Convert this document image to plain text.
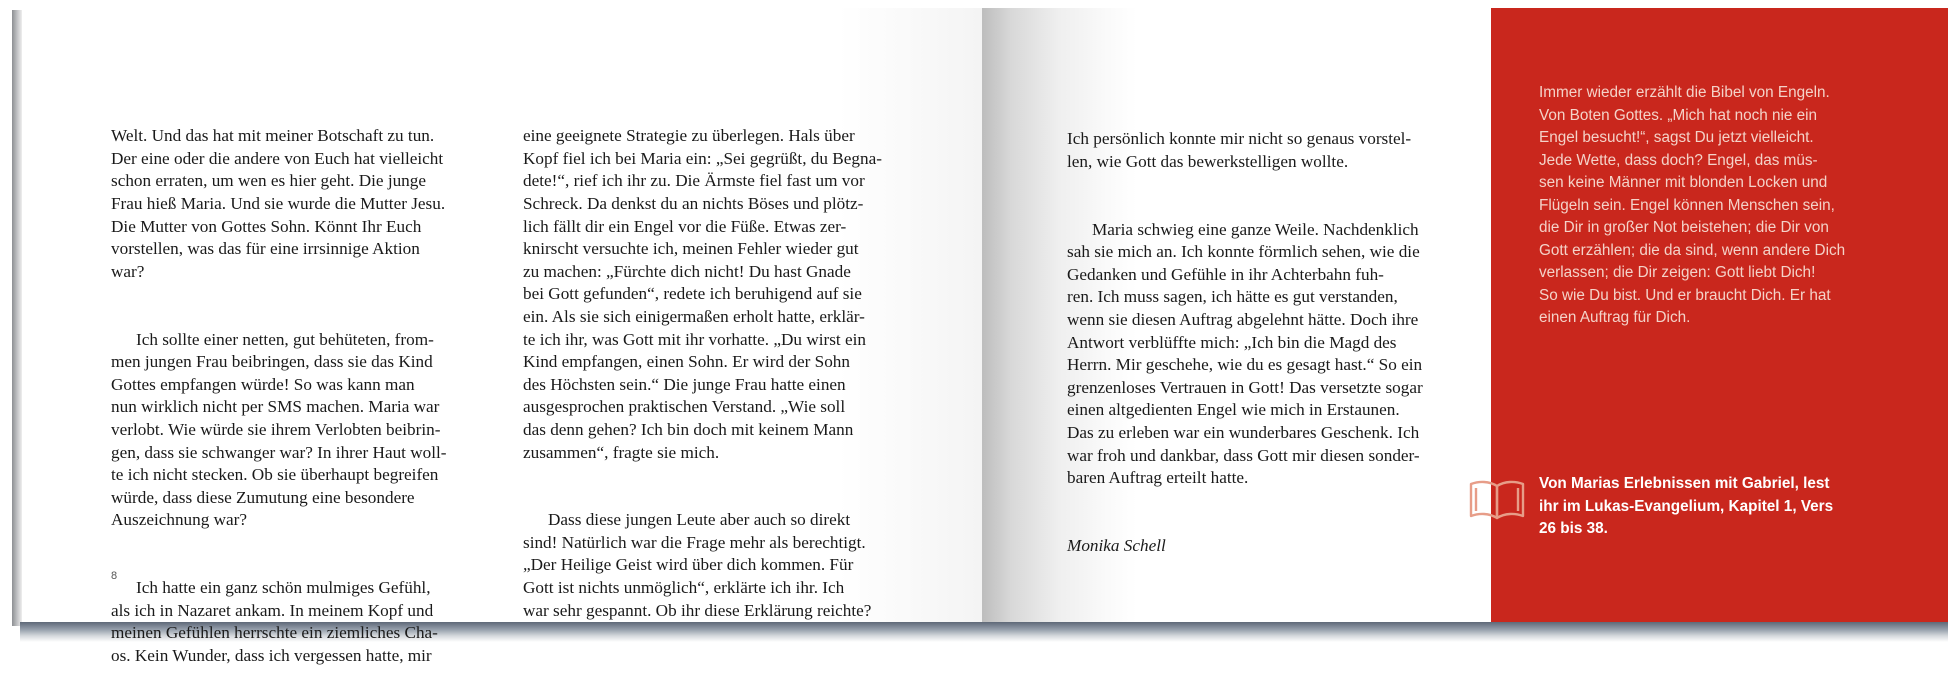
Welt. Und das hat mit meiner Botschaft zu tun.
Der eine oder die andere von Euch hat vielleicht
schon erraten, um wen es hier geht. Die junge
Frau hieß Maria. Und sie wurde die Mutter Jesu.
Die Mutter von Gottes Sohn. Könnt Ihr Euch
vorstellen, was das für eine irrsinnige Aktion
war?

Ich sollte einer netten, gut behüteten, from-
men jungen Frau beibringen, dass sie das Kind
Gottes empfangen würde! So was kann man
nun wirklich nicht per SMS machen. Maria war
verlobt. Wie würde sie ihrem Verlobten beibrin-
gen, dass sie schwanger war? In ihrer Haut woll-
te ich nicht stecken. Ob sie überhaupt begreifen
würde, dass diese Zumutung eine besondere
Auszeichnung war?

Ich hatte ein ganz schön mulmiges Gefühl,
als ich in Nazaret ankam. In meinem Kopf und
meinen Gefühlen herrschte ein ziemliches Cha-
os. Kein Wunder, dass ich vergessen hatte, mir

eine geeignete Strategie zu überlegen. Hals über
Kopf fiel ich bei Maria ein: „Sei gegrüßt, du Begna-
dete!“, rief ich ihr zu. Die Ärmste fiel fast um vor
Schreck. Da denkst du an nichts Böses und plötz-
lich fällt dir ein Engel vor die Füße. Etwas zer-
knirscht versuchte ich, meinen Fehler wieder gut
zu machen: „Fürchte dich nicht! Du hast Gnade
bei Gott gefunden“, redete ich beruhigend auf sie
ein. Als sie sich einigermaßen erholt hatte, erklär-
te ich ihr, was Gott mit ihr vorhatte. „Du wirst ein
Kind empfangen, einen Sohn. Er wird der Sohn
des Höchsten sein.“ Die junge Frau hatte einen
ausgesprochen praktischen Verstand. „Wie soll
das denn gehen? Ich bin doch mit keinem Mann
zusammen“, fragte sie mich.

Dass diese jungen Leute aber auch so direkt
sind! Natürlich war die Frage mehr als berechtigt.
„Der Heilige Geist wird über dich kommen. Für
Gott ist nichts unmöglich“, erklärte ich ihr. Ich
war sehr gespannt. Ob ihr diese Erklärung reichte?

8

Ich persönlich konnte mir nicht so genaus vorstel-
len, wie Gott das bewerkstelligen wollte.

Maria schwieg eine ganze Weile. Nachdenklich
sah sie mich an. Ich konnte förmlich sehen, wie die
Gedanken und Gefühle in ihr Achterbahn fuh-
ren. Ich muss sagen, ich hätte es gut verstanden,
wenn sie diesen Auftrag abgelehnt hätte. Doch ihre
Antwort verblüffte mich: „Ich bin die Magd des
Herrn. Mir geschehe, wie du es gesagt hast.“ So ein
grenzenloses Vertrauen in Gott! Das versetzte sogar
einen altgedienten Engel wie mich in Erstaunen.
Das zu erleben war ein wunderbares Geschenk. Ich
war froh und dankbar, dass Gott mir diesen sonder-
baren Auftrag erteilt hatte.

Monika Schell

Immer wieder erzählt die Bibel von Engeln.
Von Boten Gottes. „Mich hat noch nie ein
Engel besucht!“, sagst Du jetzt vielleicht.
Jede Wette, dass doch? Engel, das müs-
sen keine Männer mit blonden Locken und
Flügeln sein. Engel können Menschen sein,
die Dir in großer Not beistehen; die Dir von
Gott erzählen; die da sind, wenn andere Dich
verlassen; die Dir zeigen: Gott liebt Dich!
So wie Du bist. Und er braucht Dich. Er hat
einen Auftrag für Dich.
Von Marias Erlebnissen mit Gabriel, lest
ihr im Lukas-Evangelium, Kapitel 1, Vers
26 bis 38.
